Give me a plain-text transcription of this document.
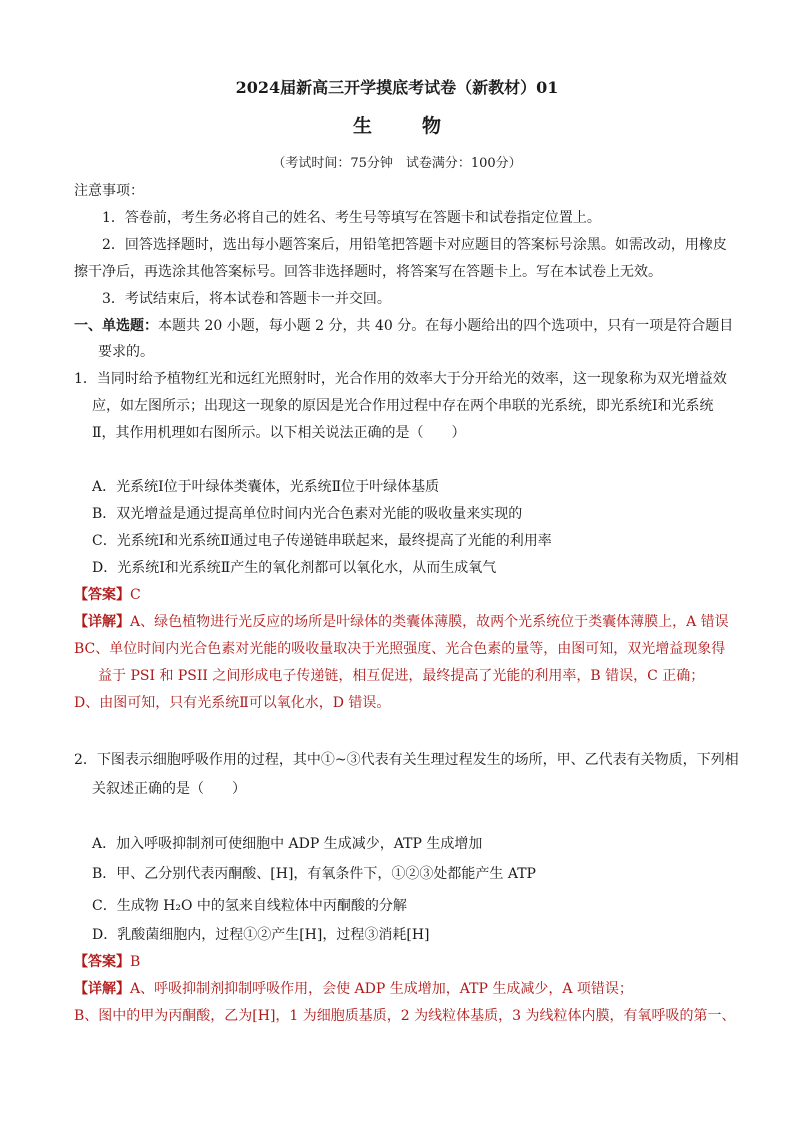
2024届新高三开学摸底考试卷（新教材）01
生物
（考试时间：75分钟　试卷满分：100分）
注意事项：
1．答卷前，考生务必将自己的姓名、考生号等填写在答题卡和试卷指定位置上。
2．回答选择题时，选出每小题答案后，用铅笔把答题卡对应题目的答案标号涂黑。如需改动，用橡皮
擦干净后，再选涂其他答案标号。回答非选择题时，将答案写在答题卡上。写在本试卷上无效。
3．考试结束后，将本试卷和答题卡一并交回。
一、单选题：本题共 20 小题，每小题 2 分，共 40 分。在每小题给出的四个选项中，只有一项是符合题目
要求的。
1．当同时给予植物红光和远红光照射时，光合作用的效率大于分开给光的效率，这一现象称为双光增益效
应，如左图所示；出现这一现象的原因是光合作用过程中存在两个串联的光系统，即光系统Ⅰ和光系统
Ⅱ，其作用机理如右图所示。以下相关说法正确的是（　　）
A．光系统Ⅰ位于叶绿体类囊体，光系统Ⅱ位于叶绿体基质
B．双光增益是通过提高单位时间内光合色素对光能的吸收量来实现的
C．光系统Ⅰ和光系统Ⅱ通过电子传递链串联起来，最终提高了光能的利用率
D．光系统Ⅰ和光系统Ⅱ产生的氧化剂都可以氧化水，从而生成氧气
【答案】C
【详解】A、绿色植物进行光反应的场所是叶绿体的类囊体薄膜，故两个光系统位于类囊体薄膜上，A 错误
BC、单位时间内光合色素对光能的吸收量取决于光照强度、光合色素的量等，由图可知，双光增益现象得
益于 PSI 和 PSII 之间形成电子传递链，相互促进，最终提高了光能的利用率，B 错误，C 正确；
D、由图可知，只有光系统Ⅱ可以氧化水，D 错误。
2．下图表示细胞呼吸作用的过程，其中①~③代表有关生理过程发生的场所，甲、乙代表有关物质，下列相
关叙述正确的是（　　）
A．加入呼吸抑制剂可使细胞中 ADP 生成减少，ATP 生成增加
B．甲、乙分别代表丙酮酸、[H]，有氧条件下，①②③处都能产生 ATP
C．生成物 H₂O 中的氢来自线粒体中丙酮酸的分解
D．乳酸菌细胞内，过程①②产生[H]，过程③消耗[H]
【答案】B
【详解】A、呼吸抑制剂抑制呼吸作用，会使 ADP 生成增加，ATP 生成减少，A 项错误；
B、图中的甲为丙酮酸，乙为[H]，1 为细胞质基质，2 为线粒体基质，3 为线粒体内膜，有氧呼吸的第一、
